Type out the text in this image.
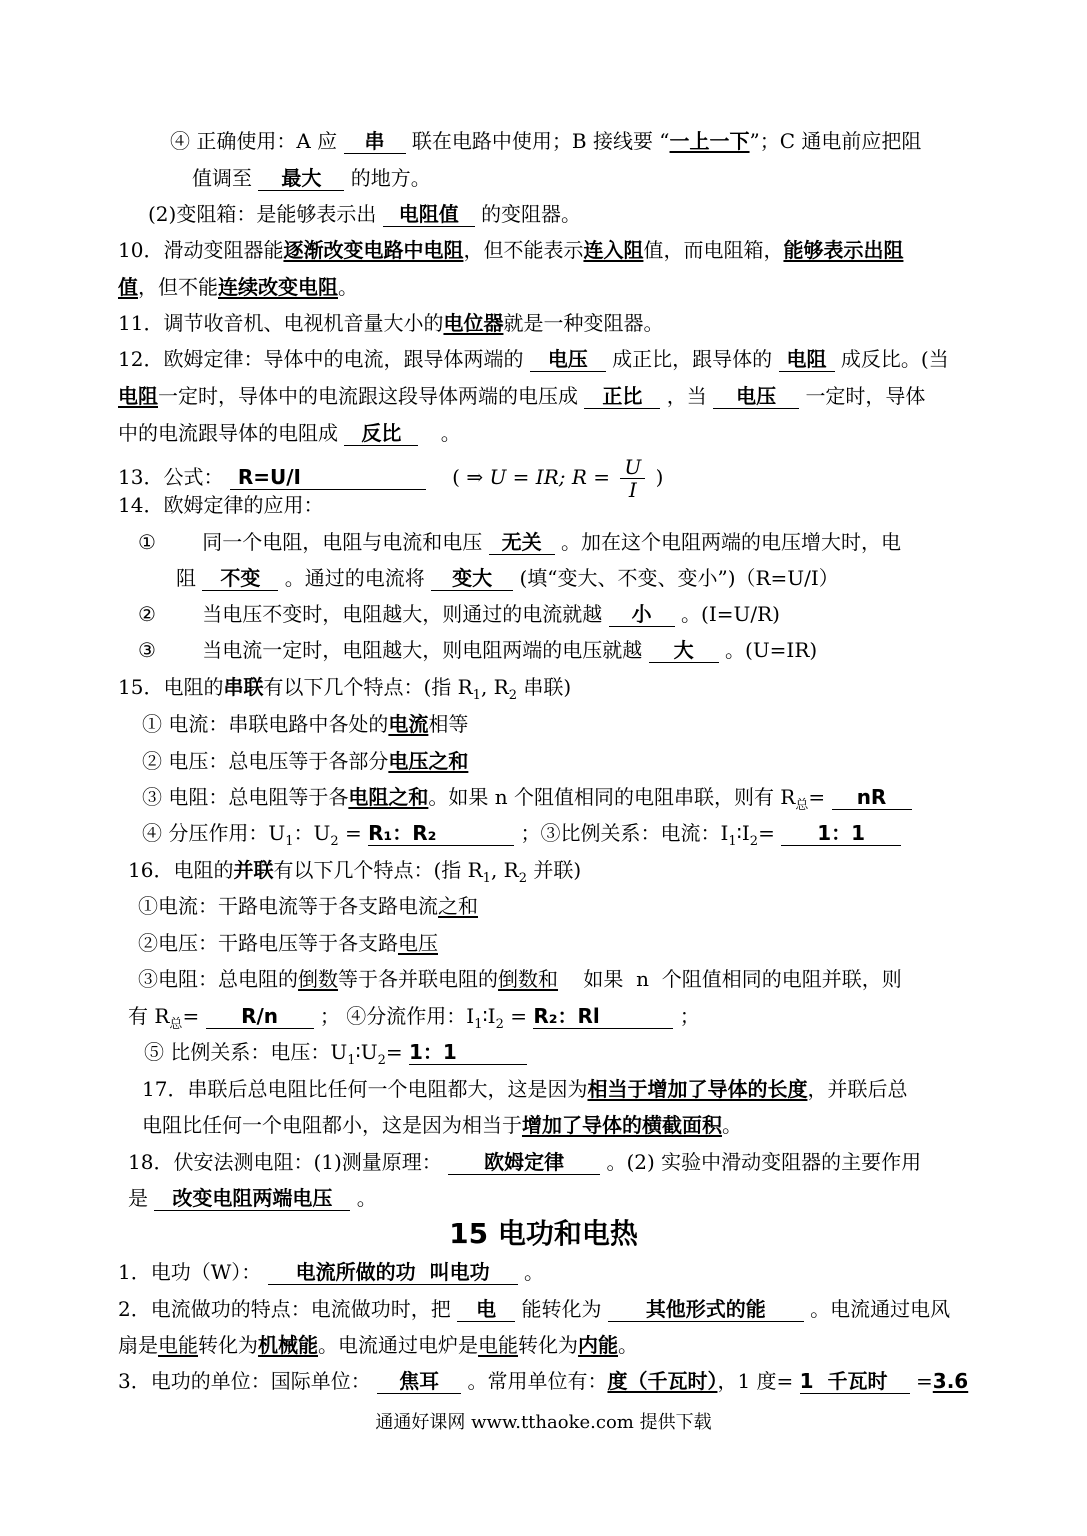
④ 正确使用：A 应 串 联在电路中使用；B 接线要 “一上一下”；C 通电前应把阻
值调至 最大 的地方。
(2)变阻箱：是能够表示出 电阻值 的变阻器。
10．滑动变阻器能逐渐改变电路中电阻，但不能表示连入阻值，而电阻箱，能够表示出阻
值，但不能连续改变电阻。
11．调节收音机、电视机音量大小的电位器就是一种变阻器。
12．欧姆定律：导体中的电流，跟导体两端的 电压 成正比，跟导体的 电阻 成反比。(当
电阻一定时，导体中的电流跟这段导体两端的电压成 正比 ，当 电压 一定时，导体
中的电流跟导体的电阻成 反比 。
13．公式： R=U/I	( ⇒ U = IR; $R = \frac{U}{I}$ )
14．欧姆定律的应用：
① 同一个电阻，电阻与电流和电压 无关 。加在这个电阻两端的电压增大时，电
阻 不变 。通过的电流将 变大 (填“变大、不变、变小”)（R=U/I）
② 当电压不变时，电阻越大，则通过的电流就越 小 。(I=U/R)
③ 当电流一定时，电阻越大，则电阻两端的电压就越 大 。(U=IR)
15．电阻的串联有以下几个特点：(指 $R_1$, $R_2$ 串联)
① 电流：串联电路中各处的电流相等
② 电压：总电压等于各部分电压之和
③ 电阻：总电阻等于各电阻之和。如果 n 个阻值相同的电阻串联，则有 $R_总=$ nR
④ 分压作用：$U_1$：$U_2 = R_1$：R₂	；③比例关系：电流：$I_1∶I_2= 1$：1
16．电阻的并联有以下几个特点：(指 $R_1$, $R_2$ 并联)
①电流：干路电流等于各支路电流之和
②电压：干路电压等于各支路电压
③电阻：总电阻的倒数等于各并联电阻的倒数和    如果  n  个阻值相同的电阻并联，则
有 $R_总= R/n$ ； ④分流作用：$I_1∶I_2 = R_2$：Rl	；
⑤ 比例关系：电压：$U_1∶U_2= 1$：1
17．串联后总电阻比任何一个电阻都大，这是因为相当于增加了导体的长度，并联后总
电阻比任何一个电阻都小，这是因为相当于增加了导体的横截面积。
18．伏安法测电阻：(1)测量原理： 欧姆定律 。(2) 实验中滑动变阻器的主要作用
是 改变电阻两端电压 。
15 电功和电热
1．电功（W）： 电流所做的功  叫电功 。
2．电流做功的特点：电流做功时，把 电 能转化为 其他形式的能 。电流通过电风
扇是电能转化为机械能。电流通过电炉是电能转化为内能。
3．电功的单位：国际单位： 焦耳 。常用单位有：度（千瓦时），1 度= 1  千瓦时 =3.6
通通好课网 www.tthaoke.com 提供下载
